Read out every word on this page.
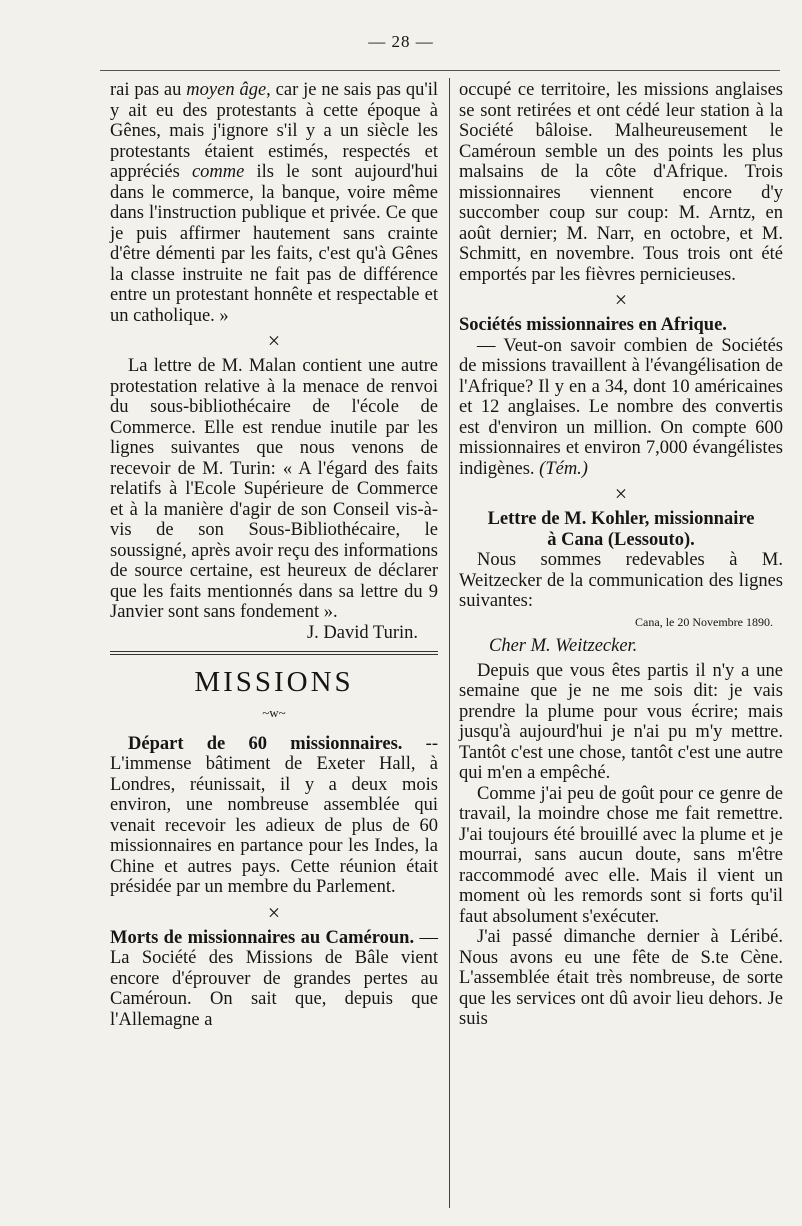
— 28 —

rai pas au moyen âge, car je ne sais pas qu'il y ait eu des protestants à cette époque à Gênes, mais j'ignore s'il y a un siècle les protestants étaient estimés, respectés et appréciés comme ils le sont aujourd'hui dans le commerce, la banque, voire même dans l'instruction publique et privée. Ce que je puis affirmer hautement sans crainte d'être démenti par les faits, c'est qu'à Gênes la classe instruite ne fait pas de différence entre un protestant honnête et respectable et un catholique. »

×

La lettre de M. Malan contient une autre protestation relative à la menace de renvoi du sous-bibliothécaire de l'école de Commerce. Elle est rendue inutile par les lignes suivantes que nous venons de recevoir de M. Turin: « A l'égard des faits relatifs à l'Ecole Supérieure de Commerce et à la manière d'agir de son Conseil vis-à-vis de son Sous-Bibliothécaire, le soussigné, après avoir reçu des informations de source certaine, est heureux de déclarer que les faits mentionnés dans sa lettre du 9 Janvier sont sans fondement ».

J. David Turin.

MISSIONS
~w~

Départ de 60 missionnaires. -- L'immense bâtiment de Exeter Hall, à Londres, réunissait, il y a deux mois environ, une nombreuse assemblée qui venait recevoir les adieux de plus de 60 missionnaires en partance pour les Indes, la Chine et autres pays. Cette réunion était présidée par un membre du Parlement.

×

Morts de missionnaires au Caméroun. — La Société des Missions de Bâle vient encore d'éprouver de grandes pertes au Caméroun. On sait que, depuis que l'Allemagne a

occupé ce territoire, les missions anglaises se sont retirées et ont cédé leur station à la Société bâloise. Malheureusement le Caméroun semble un des points les plus malsains de la côte d'Afrique. Trois missionnaires viennent encore d'y succomber coup sur coup: M. Arntz, en août dernier; M. Narr, en octobre, et M. Schmitt, en novembre. Tous trois ont été emportés par les fièvres pernicieuses.

×

Sociétés missionnaires en Afrique.

— Veut-on savoir combien de Sociétés de missions travaillent à l'évangélisation de l'Afrique? Il y en a 34, dont 10 américaines et 12 anglaises. Le nombre des convertis est d'environ un million. On compte 600 missionnaires et environ 7,000 évangélistes indigènes. (Tém.)

×

Lettre de M. Kohler, missionnaire

à Cana (Lessouto).

Nous sommes redevables à M. Weitzecker de la communication des lignes suivantes:

Cana, le 20 Novembre 1890.

Cher M. Weitzecker.

Depuis que vous êtes partis il n'y a une semaine que je ne me sois dit: je vais prendre la plume pour vous écrire; mais jusqu'à aujourd'hui je n'ai pu m'y mettre. Tantôt c'est une chose, tantôt c'est une autre qui m'en a empêché.

Comme j'ai peu de goût pour ce genre de travail, la moindre chose me fait remettre. J'ai toujours été brouillé avec la plume et je mourrai, sans aucun doute, sans m'être raccommodé avec elle. Mais il vient un moment où les remords sont si forts qu'il faut absolument s'exécuter.

J'ai passé dimanche dernier à Léribé. Nous avons eu une fête de S.te Cène. L'assemblée était très nombreuse, de sorte que les services ont dû avoir lieu dehors. Je suis
